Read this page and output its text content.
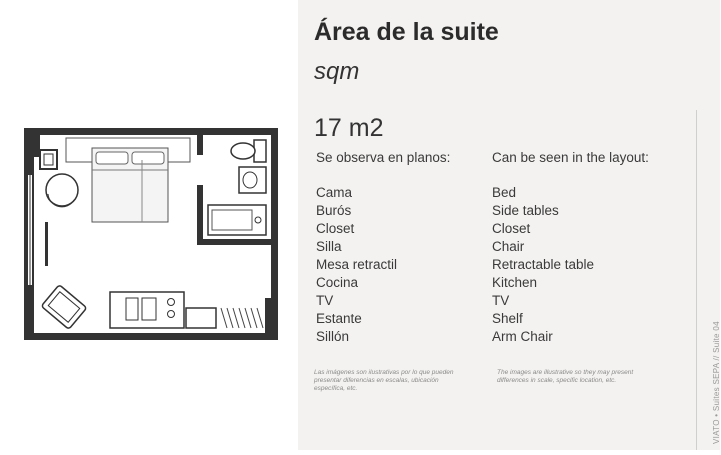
Área de la suite
sqm
17 m2
Se observa en planos:
Cama
Burós
Closet
Silla
Mesa retractil
Cocina
TV
Estante
Sillón
Can be seen in the layout:
Bed
Side tables
Closet
Chair
Retractable table
Kitchen
TV
Shelf
Arm Chair
Las imágenes son ilustrativas por lo que pueden presentar diferencias en escalas, ubicación específica, etc.
The images are illustrative so they may present differences in scale, specific location, etc.	VIATO • Suites SEPA // Suite 04
